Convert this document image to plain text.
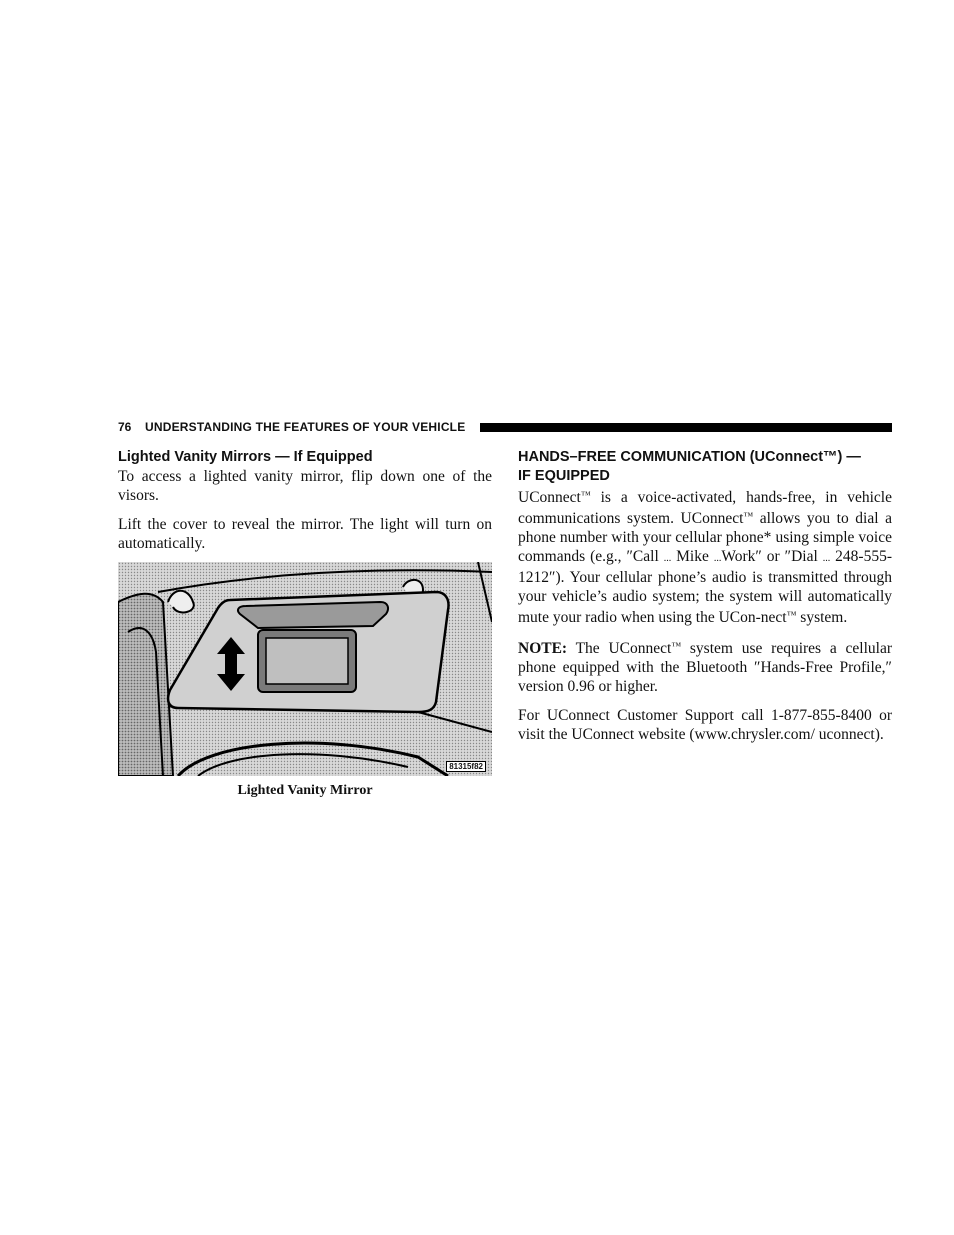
76 UNDERSTANDING THE FEATURES OF YOUR VEHICLE

Lighted Vanity Mirrors — If Equipped

To access a lighted vanity mirror, flip down one of the visors.

Lift the cover to reveal the mirror. The light will turn on automatically.

81315f82
Lighted Vanity Mirror

HANDS–FREE COMMUNICATION (UConnect™) —

IF EQUIPPED

UConnect™ is a voice-activated, hands-free, in vehicle communications system. UConnect™ allows you to dial a phone number with your cellular phone* using simple voice commands (e.g., ″Call ... Mike ...Work″ or ″Dial ... 248-555-1212″). Your cellular phone’s audio is transmitted through your vehicle’s audio system; the system will automatically mute your radio when using the UCon-nect™ system.

NOTE: The UConnect™ system use requires a cellular phone equipped with the Bluetooth ″Hands-Free Profile,″ version 0.96 or higher.

For UConnect Customer Support call 1-877-855-8400 or visit the UConnect website (www.chrysler.com/ uconnect).
